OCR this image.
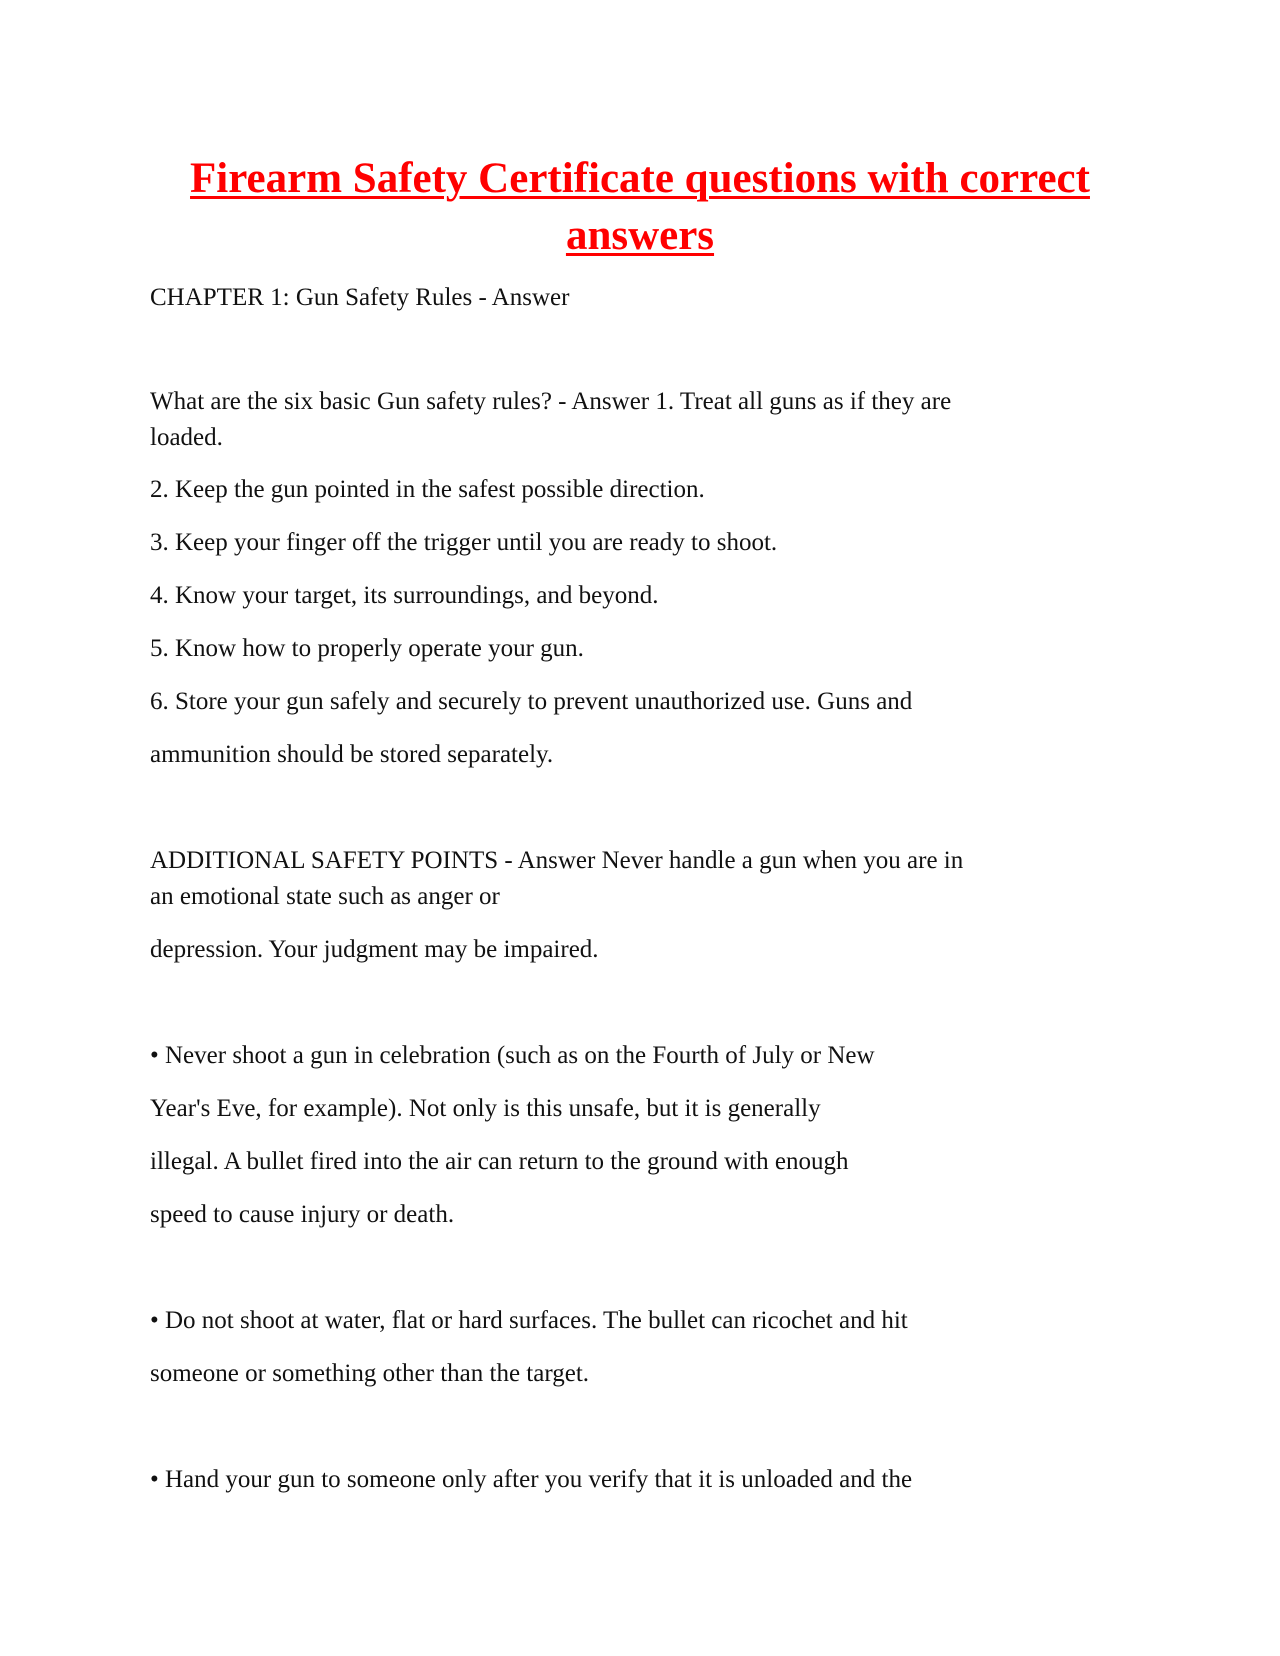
Firearm Safety Certificate questions with correct answers

CHAPTER 1: Gun Safety Rules - Answer

What are the six basic Gun safety rules? - Answer 1. Treat all guns as if they are

loaded.

2. Keep the gun pointed in the safest possible direction.

3. Keep your finger off the trigger until you are ready to shoot.

4. Know your target, its surroundings, and beyond.

5. Know how to properly operate your gun.

6. Store your gun safely and securely to prevent unauthorized use. Guns and

ammunition should be stored separately.

ADDITIONAL SAFETY POINTS - Answer Never handle a gun when you are in

an emotional state such as anger or

depression. Your judgment may be impaired.

• Never shoot a gun in celebration (such as on the Fourth of July or New

Year's Eve, for example). Not only is this unsafe, but it is generally

illegal. A bullet fired into the air can return to the ground with enough

speed to cause injury or death.

• Do not shoot at water, flat or hard surfaces. The bullet can ricochet and hit

someone or something other than the target.

• Hand your gun to someone only after you verify that it is unloaded and the
